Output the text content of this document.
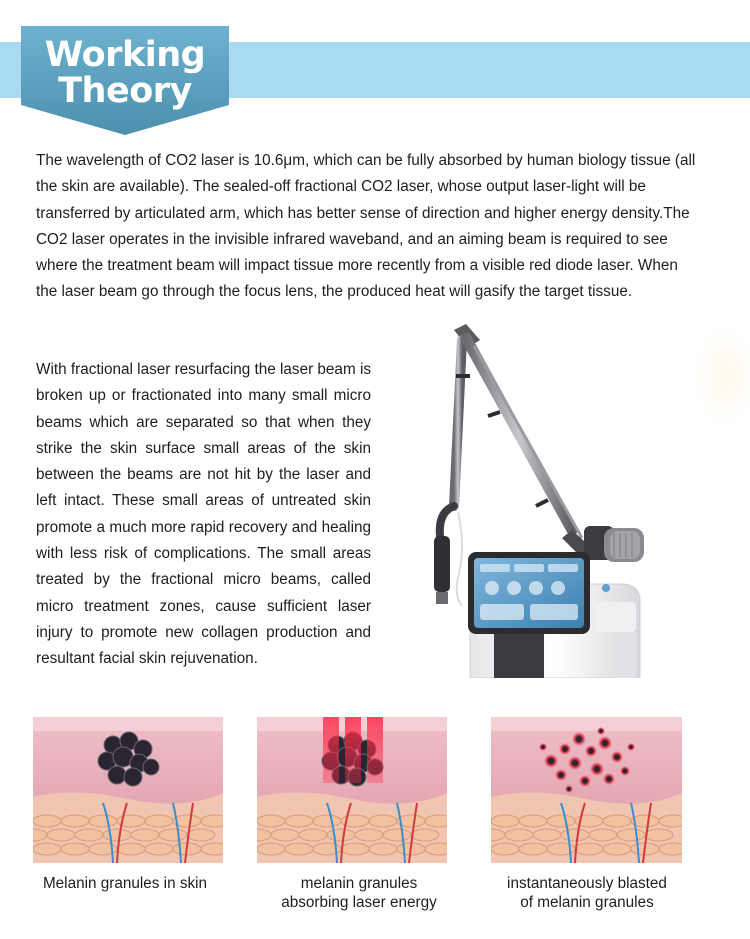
Working
Theory

The wavelength of CO2 laser is 10.6μm, which can be fully absorbed by human biology tissue (all the skin are available). The sealed-off fractional CO2 laser, whose output laser-light will be transferred by articulated arm, which has better sense of direction and higher energy density.The CO2 laser operates in the invisible infrared waveband, and an aiming beam is required to see where the treatment beam will impact tissue more recently from a visible red diode laser. When the laser beam go through the focus lens, the produced heat will gasify the target tissue.

With fractional laser resurfacing the laser beam is broken up or fractionated into many small micro beams which are separated so that when they strike the skin surface small areas of the skin between the beams are not hit by the laser and left intact. These small areas of untreated skin promote a much more rapid recovery and healing with less risk of complications. The small areas treated by the fractional micro beams, called micro treatment zones, cause sufficient laser injury to promote new collagen production and resultant facial skin rejuvenation.

Melanin granules in skin	melanin granules
absorbing laser energy
instantaneously blasted
of melanin granules
